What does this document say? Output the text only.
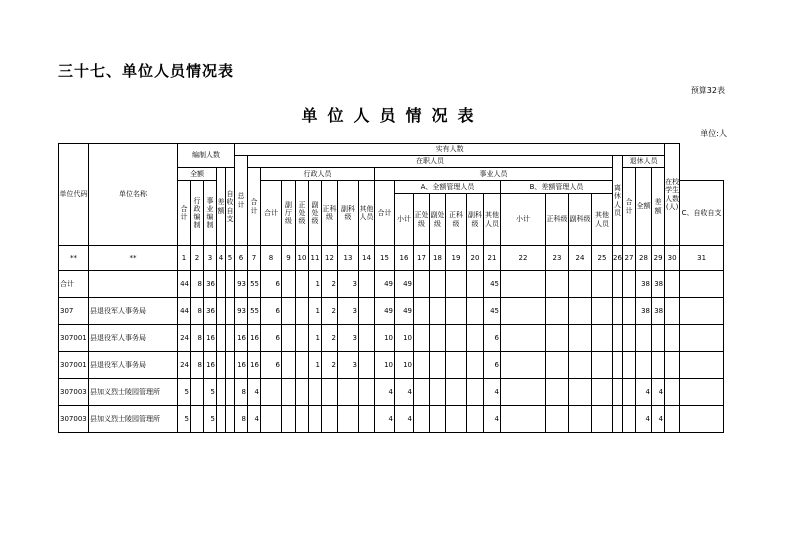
三十七、单位人员情况表
预算32表
单位人员情况表
单位:人
单位代码	单位名称	编制人数					实有人数																								在校学生人数(人)	
							总计	在职人员																			离休人员	退休人员				
		全额			差额	自收自支		合计	行政人员							事业人员												合计	全额	差额		
		合计	行政编制	事业编制					合计	副厅级	正处级	副处级	正科级	副科级	其他人员	合计	A、全额管理人员						B、差额管理人员									C、自收自支
																	小计	正处级	副处级	正科级	副科级	其他人员	小计	正科级	副科级	其他人员						
**	**	1	2	3	4	5	6	7	8	9	10	11	12	13	14	15	16	17	18	19	20	21	22	23	24	25	26	27	28	29	30	31
合计		44	8	36			93	55	6			1	2	3		49	49					45							38	38		
307	县退役军人事务局	44	8	36			93	55	6			1	2	3		49	49					45							38	38		
307001	县退役军人事务局	24	8	16			16	16	6			1	2	3		10	10					6										
307001	县退役军人事务局	24	8	16			16	16	6			1	2	3		10	10					6										
307003	县加义烈士陵园管理所	5		5			8	4								4	4					4							4	4		
307003	县加义烈士陵园管理所	5		5			8	4								4	4					4							4	4		
